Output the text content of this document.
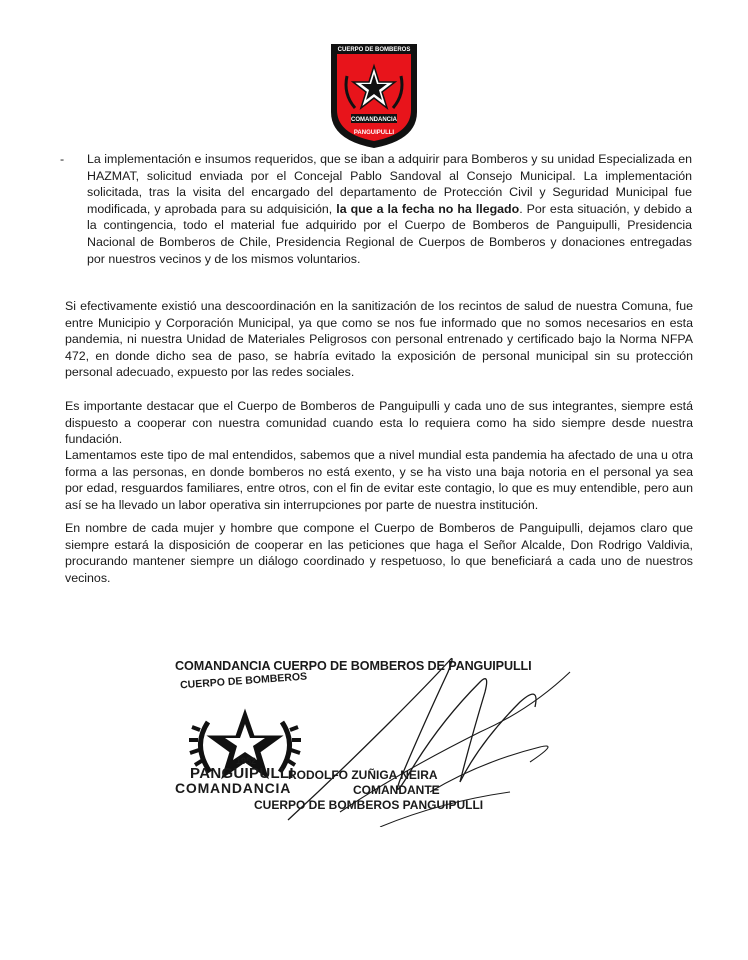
COMANDANCIA
CUERPO DE BOMBEROS
PANGUIPULLI
- La implementación e insumos requeridos, que se iban a adquirir para Bomberos y su unidad Especializada en HAZMAT, solicitud enviada por el Concejal Pablo Sandoval al Consejo Municipal. La implementación solicitada, tras la visita del encargado del departamento de Protección Civil y Seguridad Municipal fue modificada, y aprobada para su adquisición, la que a la fecha no ha llegado. Por esta situación, y debido a la contingencia, todo el material fue adquirido por el Cuerpo de Bomberos de Panguipulli, Presidencia Nacional de Bomberos de Chile, Presidencia Regional de Cuerpos de Bomberos y donaciones entregadas por nuestros vecinos y de los mismos voluntarios.

Si efectivamente existió una descoordinación en la sanitización de los recintos de salud de nuestra Comuna, fue entre Municipio y Corporación Municipal, ya que como se nos fue informado que no somos necesarios en esta pandemia, ni nuestra Unidad de Materiales Peligrosos con personal entrenado y certificado bajo la Norma NFPA 472, en donde dicho sea de paso, se habría evitado la exposición de personal municipal sin su protección personal adecuado, expuesto por las redes sociales.

Es importante destacar que el Cuerpo de Bomberos de Panguipulli y cada uno de sus integrantes, siempre está dispuesto a cooperar con nuestra comunidad cuando esta lo requiera como ha sido siempre desde nuestra fundación.

Lamentamos este tipo de mal entendidos, sabemos que a nivel mundial esta pandemia ha afectado de una u otra forma a las personas, en donde bomberos no está exento, y se ha visto una baja notoria en el personal ya sea por edad, resguardos familiares, entre otros, con el fin de evitar este contagio, lo que es muy entendible, pero aun así se ha llevado un labor operativa sin interrupciones por parte de nuestra institución.

En nombre de cada mujer y hombre que compone el Cuerpo de Bomberos de Panguipulli, dejamos claro que siempre estará la disposición de cooperar en las peticiones que haga el Señor Alcalde, Don Rodrigo Valdivia, procurando mantener siempre un diálogo coordinado y respetuoso, lo que beneficiará a cada uno de nuestros vecinos.

CUERPO DE BOMBEROS
1952
PANGUIPULLI
COMANDANCIA
COMANDANCIA CUERPO DE BOMBEROS DE PANGUIPULLI
RODOLFO ZUÑIGA NEIRA
COMANDANTE
CUERPO DE BOMBEROS PANGUIPULLI
